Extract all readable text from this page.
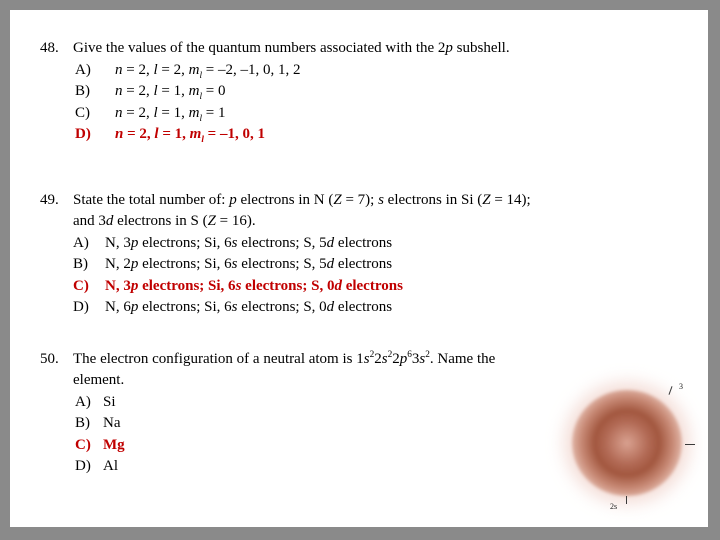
48. Give the values of the quantum numbers associated with the 2p subshell.
A)	n = 2, l = 2, $m_l = -2$, –1, 0, 1, 2
B)	n = 2, l = 1, $m_l = 0$
C)	n = 2, l = 1, $m_l = 1$
D)	n = 2, l = 1, $m_l = -1$, 0, 1
49. State the total number of: p electrons in N (Z = 7); s electrons in Si (Z = 14);
and 3d electrons in S (Z = 16).
A)	N, 3p electrons; Si, 6s electrons; S, 5d electrons
B)	N, 2p electrons; Si, 6s electrons; S, 5d electrons
C)	N, 3p electrons; Si, 6s electrons; S, 0d electrons
D)	N, 6p electrons; Si, 6s electrons; S, 0d electrons
50. The electron configuration of a neutral atom is $1s^22s^22p^63s^2$. Name the
element.
A) Si
B) Na
C) Mg
D) Al
3
2s
